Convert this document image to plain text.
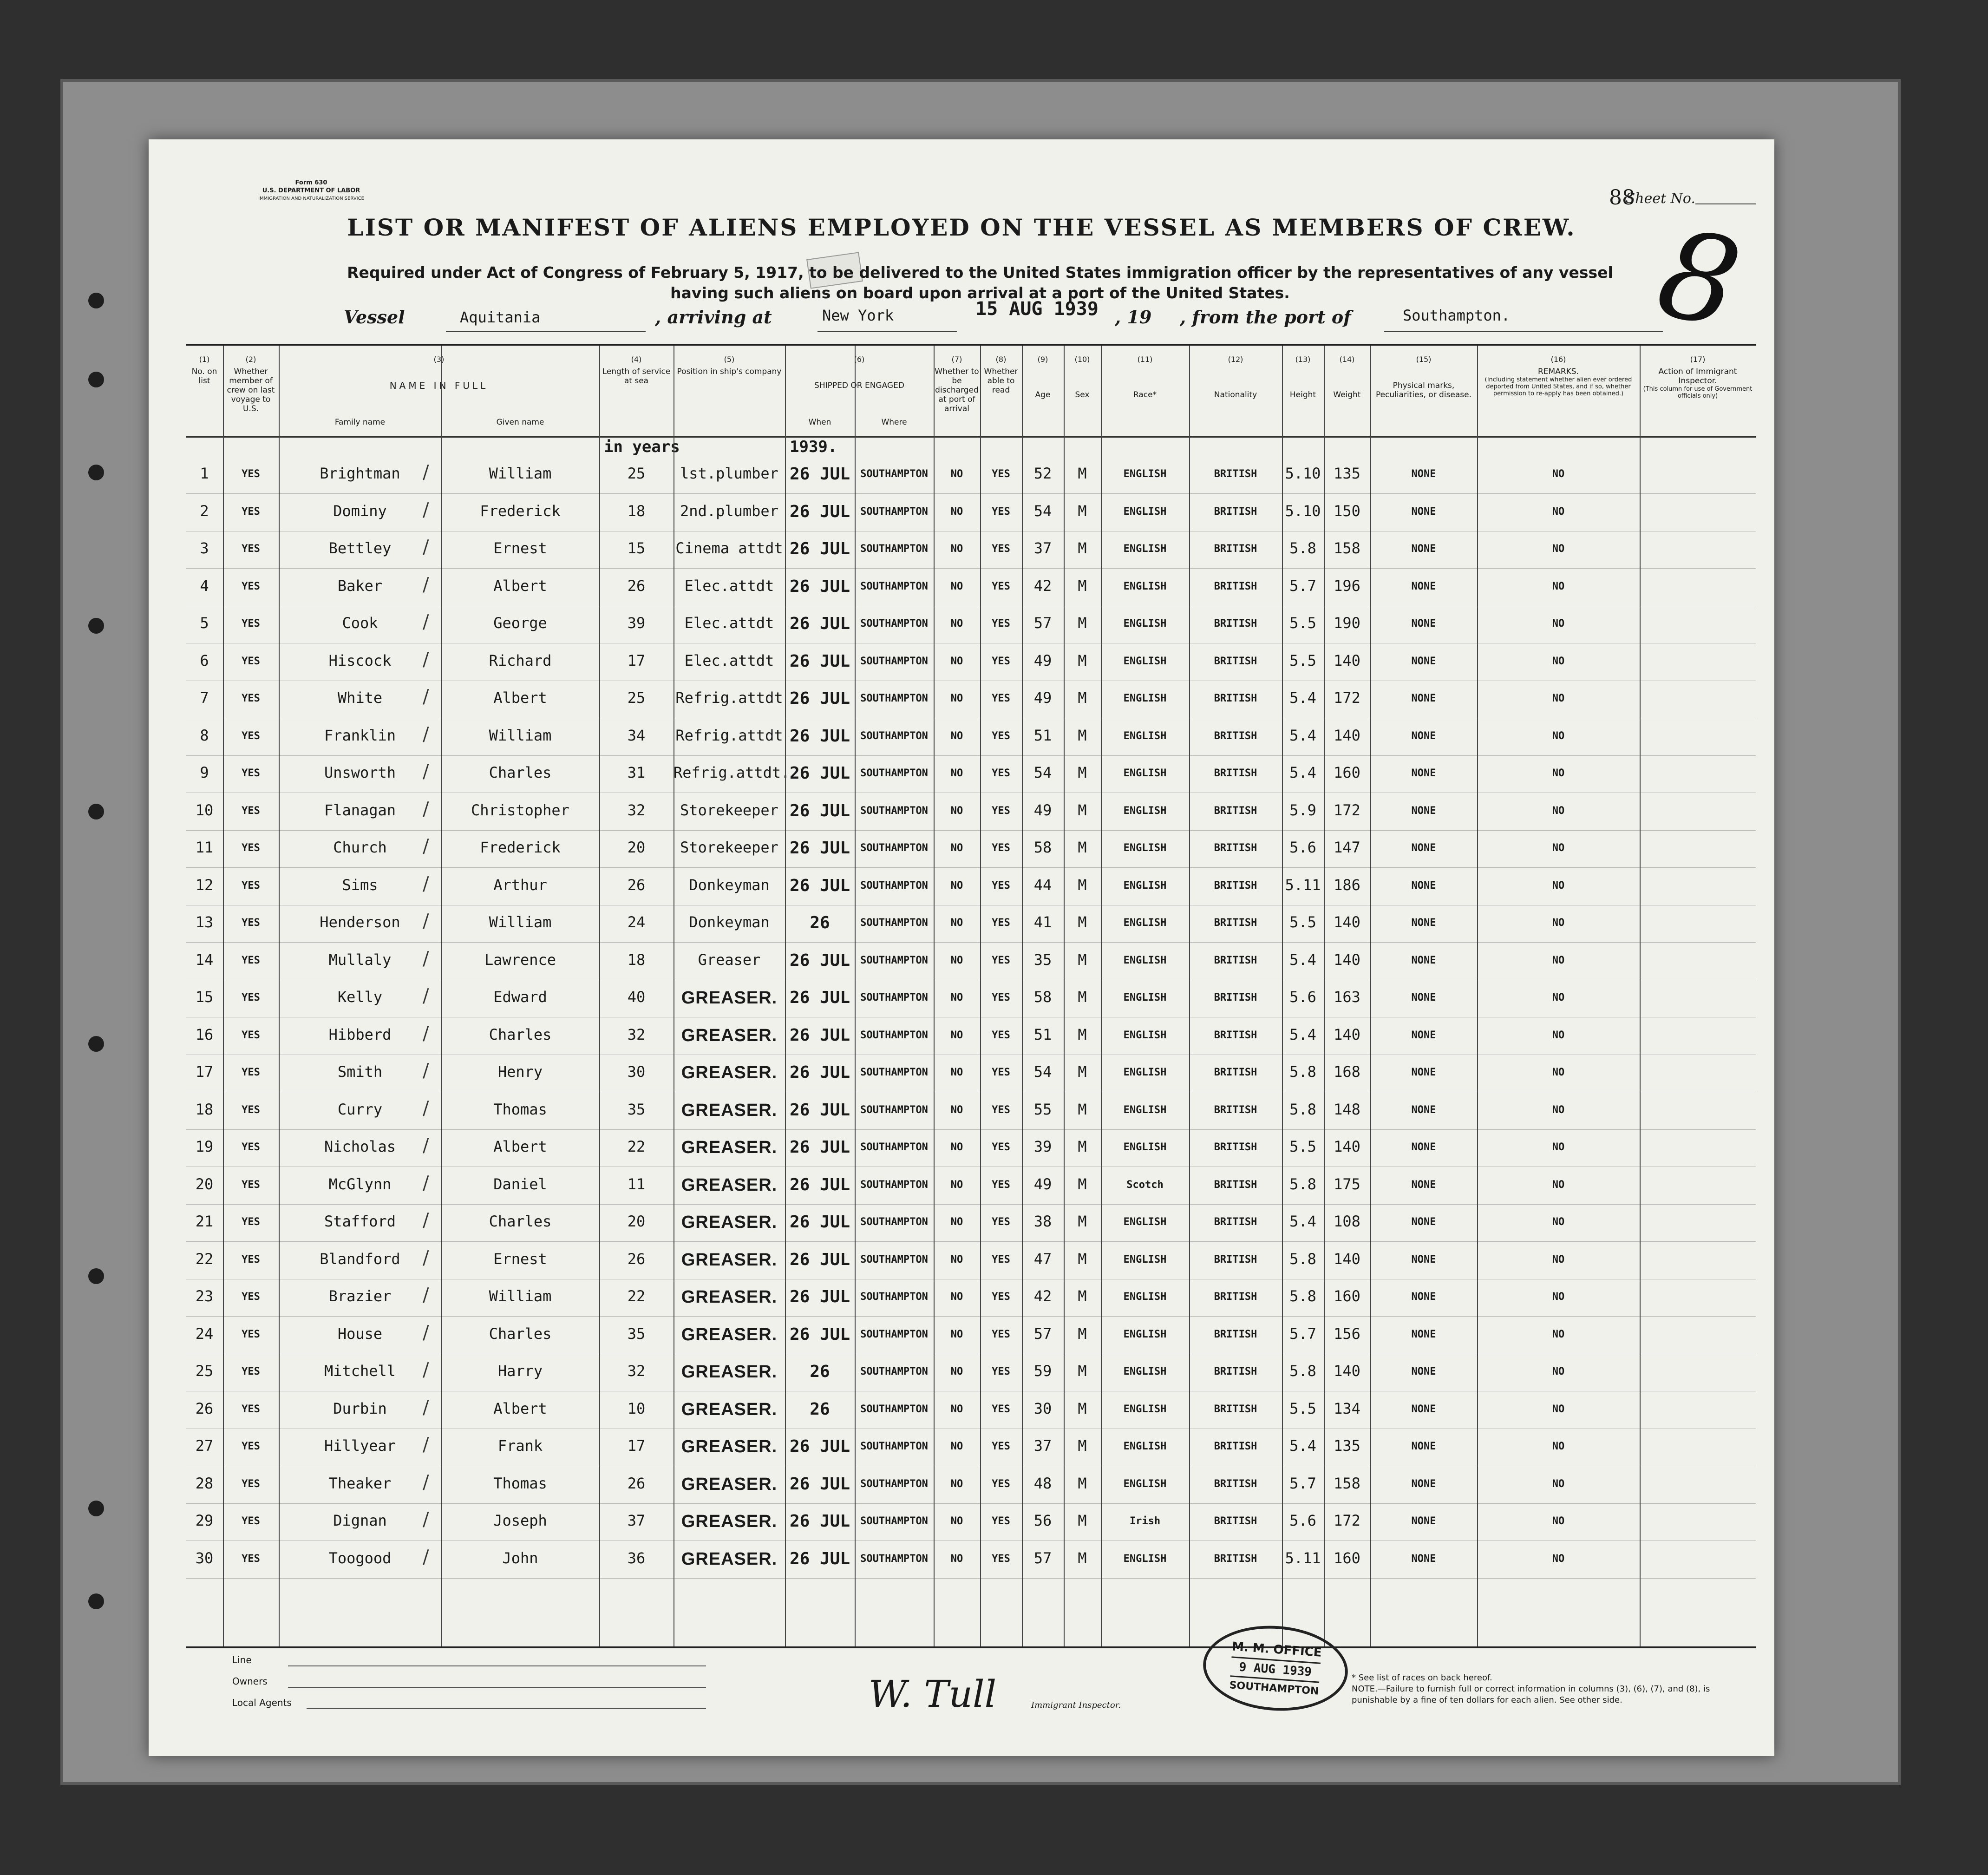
Form 630
U.S. DEPARTMENT OF LABOR
IMMIGRATION AND NATURALIZATION SERVICE	88
Sheet No.
8
LIST OR MANIFEST OF ALIENS EMPLOYED ON THE VESSEL AS MEMBERS OF CREW.
Required under Act of Congress of February 5, 1917, to be delivered to the United States immigration officer by the representatives of any vessel having such aliens on board upon arrival at a port of the United States.
Vessel	Aquitania	, arriving at	New York	15 AUG 1939 , 19 , from the port of	Southampton.
(1)
No. on list
(2)
Whether member of crew on last voyage to U.S.
(3)
NAME IN FULL
Family name	Given name
(4)
Length of service at sea
(5)
Position in ship's company
(6)
SHIPPED OR ENGAGED
When	Where
(7)
Whether to be discharged at port of arrival
(8)
Whether able to read
(9)
Age
(10)
Sex
(11)
Race*
(12)
Nationality
(13)
Height
(14)
Weight
(15)
Physical marks, Peculiarities, or disease.
(16)
REMARKS.
(Including statement whether alien ever ordered deported from United States, and if so, whether permission to re-apply has been obtained.)
(17)
Action of Immigrant Inspector.
(This column for use of Government officials only)
in years	1939.
1	YES	Brightman	William	25	lst.plumber 26 JUL	SOUTHAMPTON	NO	YES	52	M	ENGLISH	BRITISH	5.10 135	NONE	NO
/
2	YES	Dominy	Frederick	18	2nd.plumber 26 JUL	SOUTHAMPTON	NO	YES	54	M	ENGLISH	BRITISH	5.10 150	NONE	NO
/
3	YES	Bettley	Ernest	15	Cinema attdt 26 JUL	SOUTHAMPTON	NO	YES	37	M	ENGLISH	BRITISH	5.8	158	NONE	NO
/
4	YES	Baker	Albert	26	Elec.attdt 26 JUL	SOUTHAMPTON	NO	YES	42	M	ENGLISH	BRITISH	5.7	196	NONE	NO
/
5	YES	Cook	George	39	Elec.attdt 26 JUL	SOUTHAMPTON	NO	YES	57	M	ENGLISH	BRITISH	5.5	190	NONE	NO
/
6	YES	Hiscock	Richard	17	Elec.attdt 26 JUL	SOUTHAMPTON	NO	YES	49	M	ENGLISH	BRITISH	5.5	140	NONE	NO
/
7	YES	White	Albert	25	Refrig.attdt 26 JUL	SOUTHAMPTON	NO	YES	49	M	ENGLISH	BRITISH	5.4	172	NONE	NO
/
8	YES	Franklin	William	34	Refrig.attdt 26 JUL	SOUTHAMPTON	NO	YES	51	M	ENGLISH	BRITISH	5.4	140	NONE	NO
/
9	YES	Unsworth	Charles	31	Refrig.attdt. 26 JUL	SOUTHAMPTON	NO	YES	54	M	ENGLISH	BRITISH	5.4	160	NONE	NO
/
10	YES	Flanagan	Christopher	32	Storekeeper 26 JUL	SOUTHAMPTON	NO	YES	49	M	ENGLISH	BRITISH	5.9	172	NONE	NO
/
11	YES	Church	Frederick	20	Storekeeper 26 JUL	SOUTHAMPTON	NO	YES	58	M	ENGLISH	BRITISH	5.6	147	NONE	NO
/
12	YES	Sims	Arthur	26	Donkeyman	26 JUL	SOUTHAMPTON	NO	YES	44	M	ENGLISH	BRITISH	5.11 186	NONE	NO
/
13	YES	Henderson	William	24	Donkeyman	26	SOUTHAMPTON	NO	YES	41	M	ENGLISH	BRITISH	5.5	140	NONE	NO
/
14	YES	Mullaly	Lawrence	18	Greaser	26 JUL	SOUTHAMPTON	NO	YES	35	M	ENGLISH	BRITISH	5.4	140	NONE	NO
/
15	YES	Kelly	Edward	40	GREASER. 26 JUL	SOUTHAMPTON	NO	YES	58	M	ENGLISH	BRITISH	5.6	163	NONE	NO
/
16	YES	Hibberd	Charles	32	GREASER. 26 JUL	SOUTHAMPTON	NO	YES	51	M	ENGLISH	BRITISH	5.4	140	NONE	NO
/
17	YES	Smith	Henry	30	GREASER. 26 JUL	SOUTHAMPTON	NO	YES	54	M	ENGLISH	BRITISH	5.8	168	NONE	NO
/
18	YES	Curry	Thomas	35	GREASER. 26 JUL	SOUTHAMPTON	NO	YES	55	M	ENGLISH	BRITISH	5.8	148	NONE	NO
/
19	YES	Nicholas	Albert	22	GREASER. 26 JUL	SOUTHAMPTON	NO	YES	39	M	ENGLISH	BRITISH	5.5	140	NONE	NO
/
20	YES	McGlynn	Daniel	11	GREASER. 26 JUL	SOUTHAMPTON	NO	YES	49	M	Scotch	BRITISH	5.8	175	NONE	NO
/
21	YES	Stafford	Charles	20	GREASER. 26 JUL	SOUTHAMPTON	NO	YES	38	M	ENGLISH	BRITISH	5.4	108	NONE	NO
/
22	YES	Blandford	Ernest	26	GREASER. 26 JUL	SOUTHAMPTON	NO	YES	47	M	ENGLISH	BRITISH	5.8	140	NONE	NO
/
23	YES	Brazier	William	22	GREASER. 26 JUL	SOUTHAMPTON	NO	YES	42	M	ENGLISH	BRITISH	5.8	160	NONE	NO
/
24	YES	House	Charles	35	GREASER. 26 JUL	SOUTHAMPTON	NO	YES	57	M	ENGLISH	BRITISH	5.7	156	NONE	NO
/
25	YES	Mitchell	Harry	32	GREASER.	26	SOUTHAMPTON	NO	YES	59	M	ENGLISH	BRITISH	5.8	140	NONE	NO
/
26	YES	Durbin	Albert	10	GREASER.	26	SOUTHAMPTON	NO	YES	30	M	ENGLISH	BRITISH	5.5	134	NONE	NO
/
27	YES	Hillyear	Frank	17	GREASER. 26 JUL	SOUTHAMPTON	NO	YES	37	M	ENGLISH	BRITISH	5.4	135	NONE	NO
/
28	YES	Theaker	Thomas	26	GREASER. 26 JUL	SOUTHAMPTON	NO	YES	48	M	ENGLISH	BRITISH	5.7	158	NONE	NO
/
29	YES	Dignan	Joseph	37	GREASER. 26 JUL	SOUTHAMPTON	NO	YES	56	M	Irish	BRITISH	5.6	172	NONE	NO
/
30	YES	Toogood	John	36	GREASER. 26 JUL	SOUTHAMPTON	NO	YES	57	M	ENGLISH	BRITISH	5.11 160	NONE	NO
/
Line
Owners
Local Agents	W. Tull	Immigrant Inspector.
M. M. OFFICE
9 AUG 1939
SOUTHAMPTON
* See list of races on back hereof.
NOTE.—Failure to furnish full or correct information in columns (3), (6), (7), and (8), is punishable by a fine of ten dollars for each alien. See other side.
